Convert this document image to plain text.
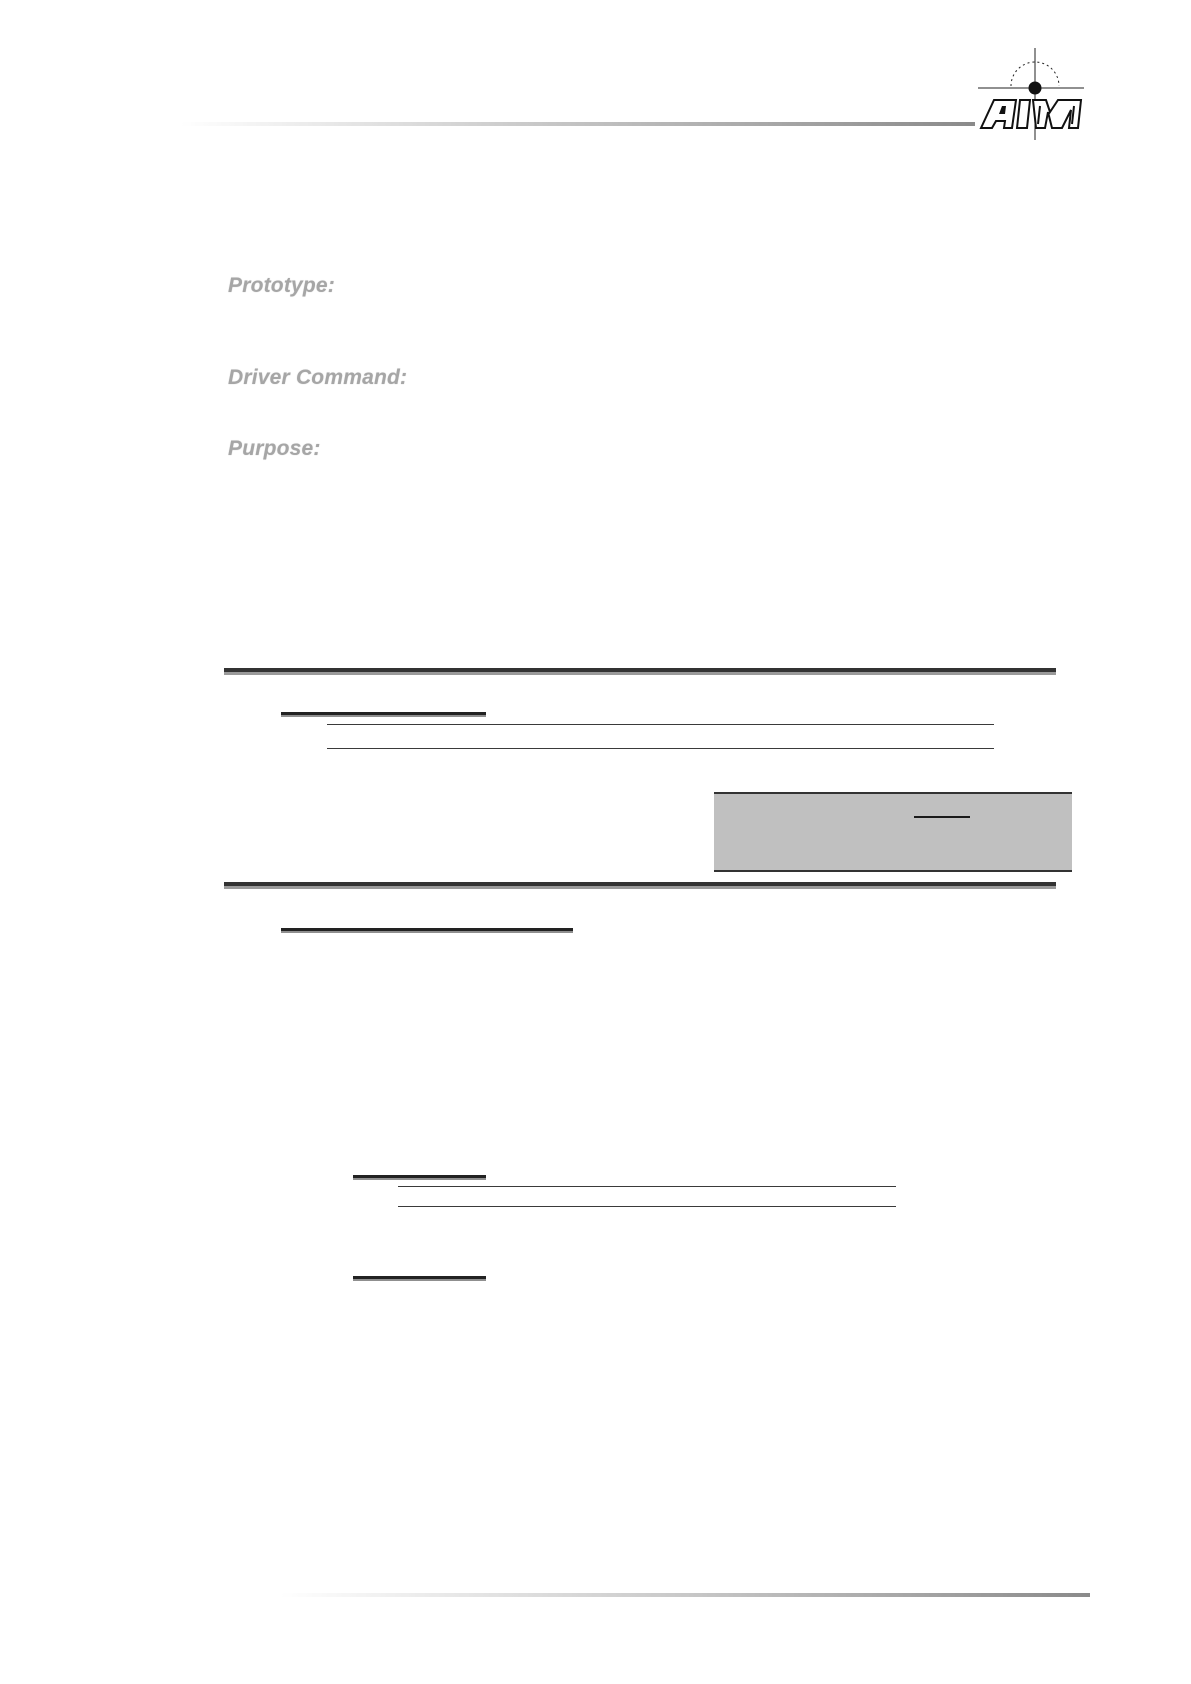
AIM
Prototype:
Driver Command:
Purpose:
